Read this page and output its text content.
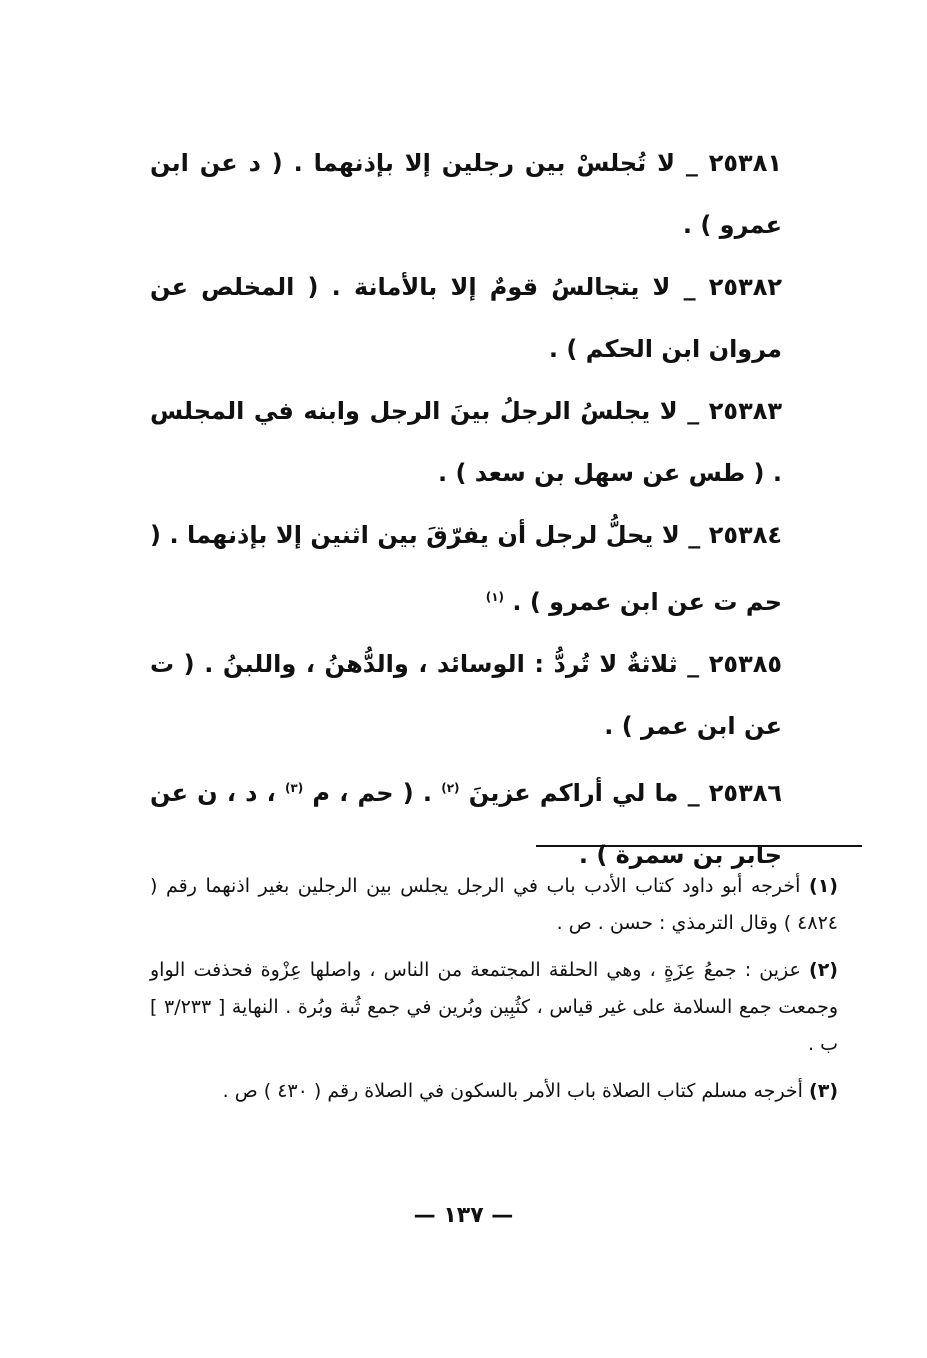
٢٥٣٨١ _ لا تُجلسْ بين رجلين إلا بإذنهما . ( د عن ابن عمرو ) .

٢٥٣٨٢ _ لا يتجالسُ قومٌ إلا بالأمانة . ( المخلص عن مروان ابن الحكم ) .

٢٥٣٨٣ _ لا يجلسُ الرجلُ بينَ الرجل وابنه في المجلس . ( طس عن سهل بن سعد ) .

٢٥٣٨٤ _ لا يحلُّ لرجل أن يفرّقَ بين اثنين إلا بإذنهما . ( حم ت عن ابن عمرو ) . $^{(١)}$

٢٥٣٨٥ _ ثلاثةٌ لا تُردُّ : الوسائد ، والدُّهنُ ، واللبنُ . ( ت عن ابن عمر ) .

٢٥٣٨٦ _ ما لي أراكم عزينَ $^{(٢)}$ . ( حم ، م $^{(٣)}$ ، د ، ن عن جابر بن سمرة ) .

(١) أخرجه أبو داود كتاب الأدب باب في الرجل يجلس بين الرجلين بغير اذنهما رقم ( ٤٨٢٤ ) وقال الترمذي : حسن . ص .

(٢) عزين : جمعُ عِزَةٍ ، وهي الحلقة المجتمعة من الناس ، واصلها عِزْوة فحذفت الواو وجمعت جمع السلامة على غير قياس ، كثُبِين وبُرين في جمع ثُبة وبُرة . النهاية [ ٣/٢٣٣ ] ب .

(٣) أخرجه مسلم كتاب الصلاة باب الأمر بالسكون في الصلاة رقم ( ٤٣٠ ) ص .

— ١٣٧ —
